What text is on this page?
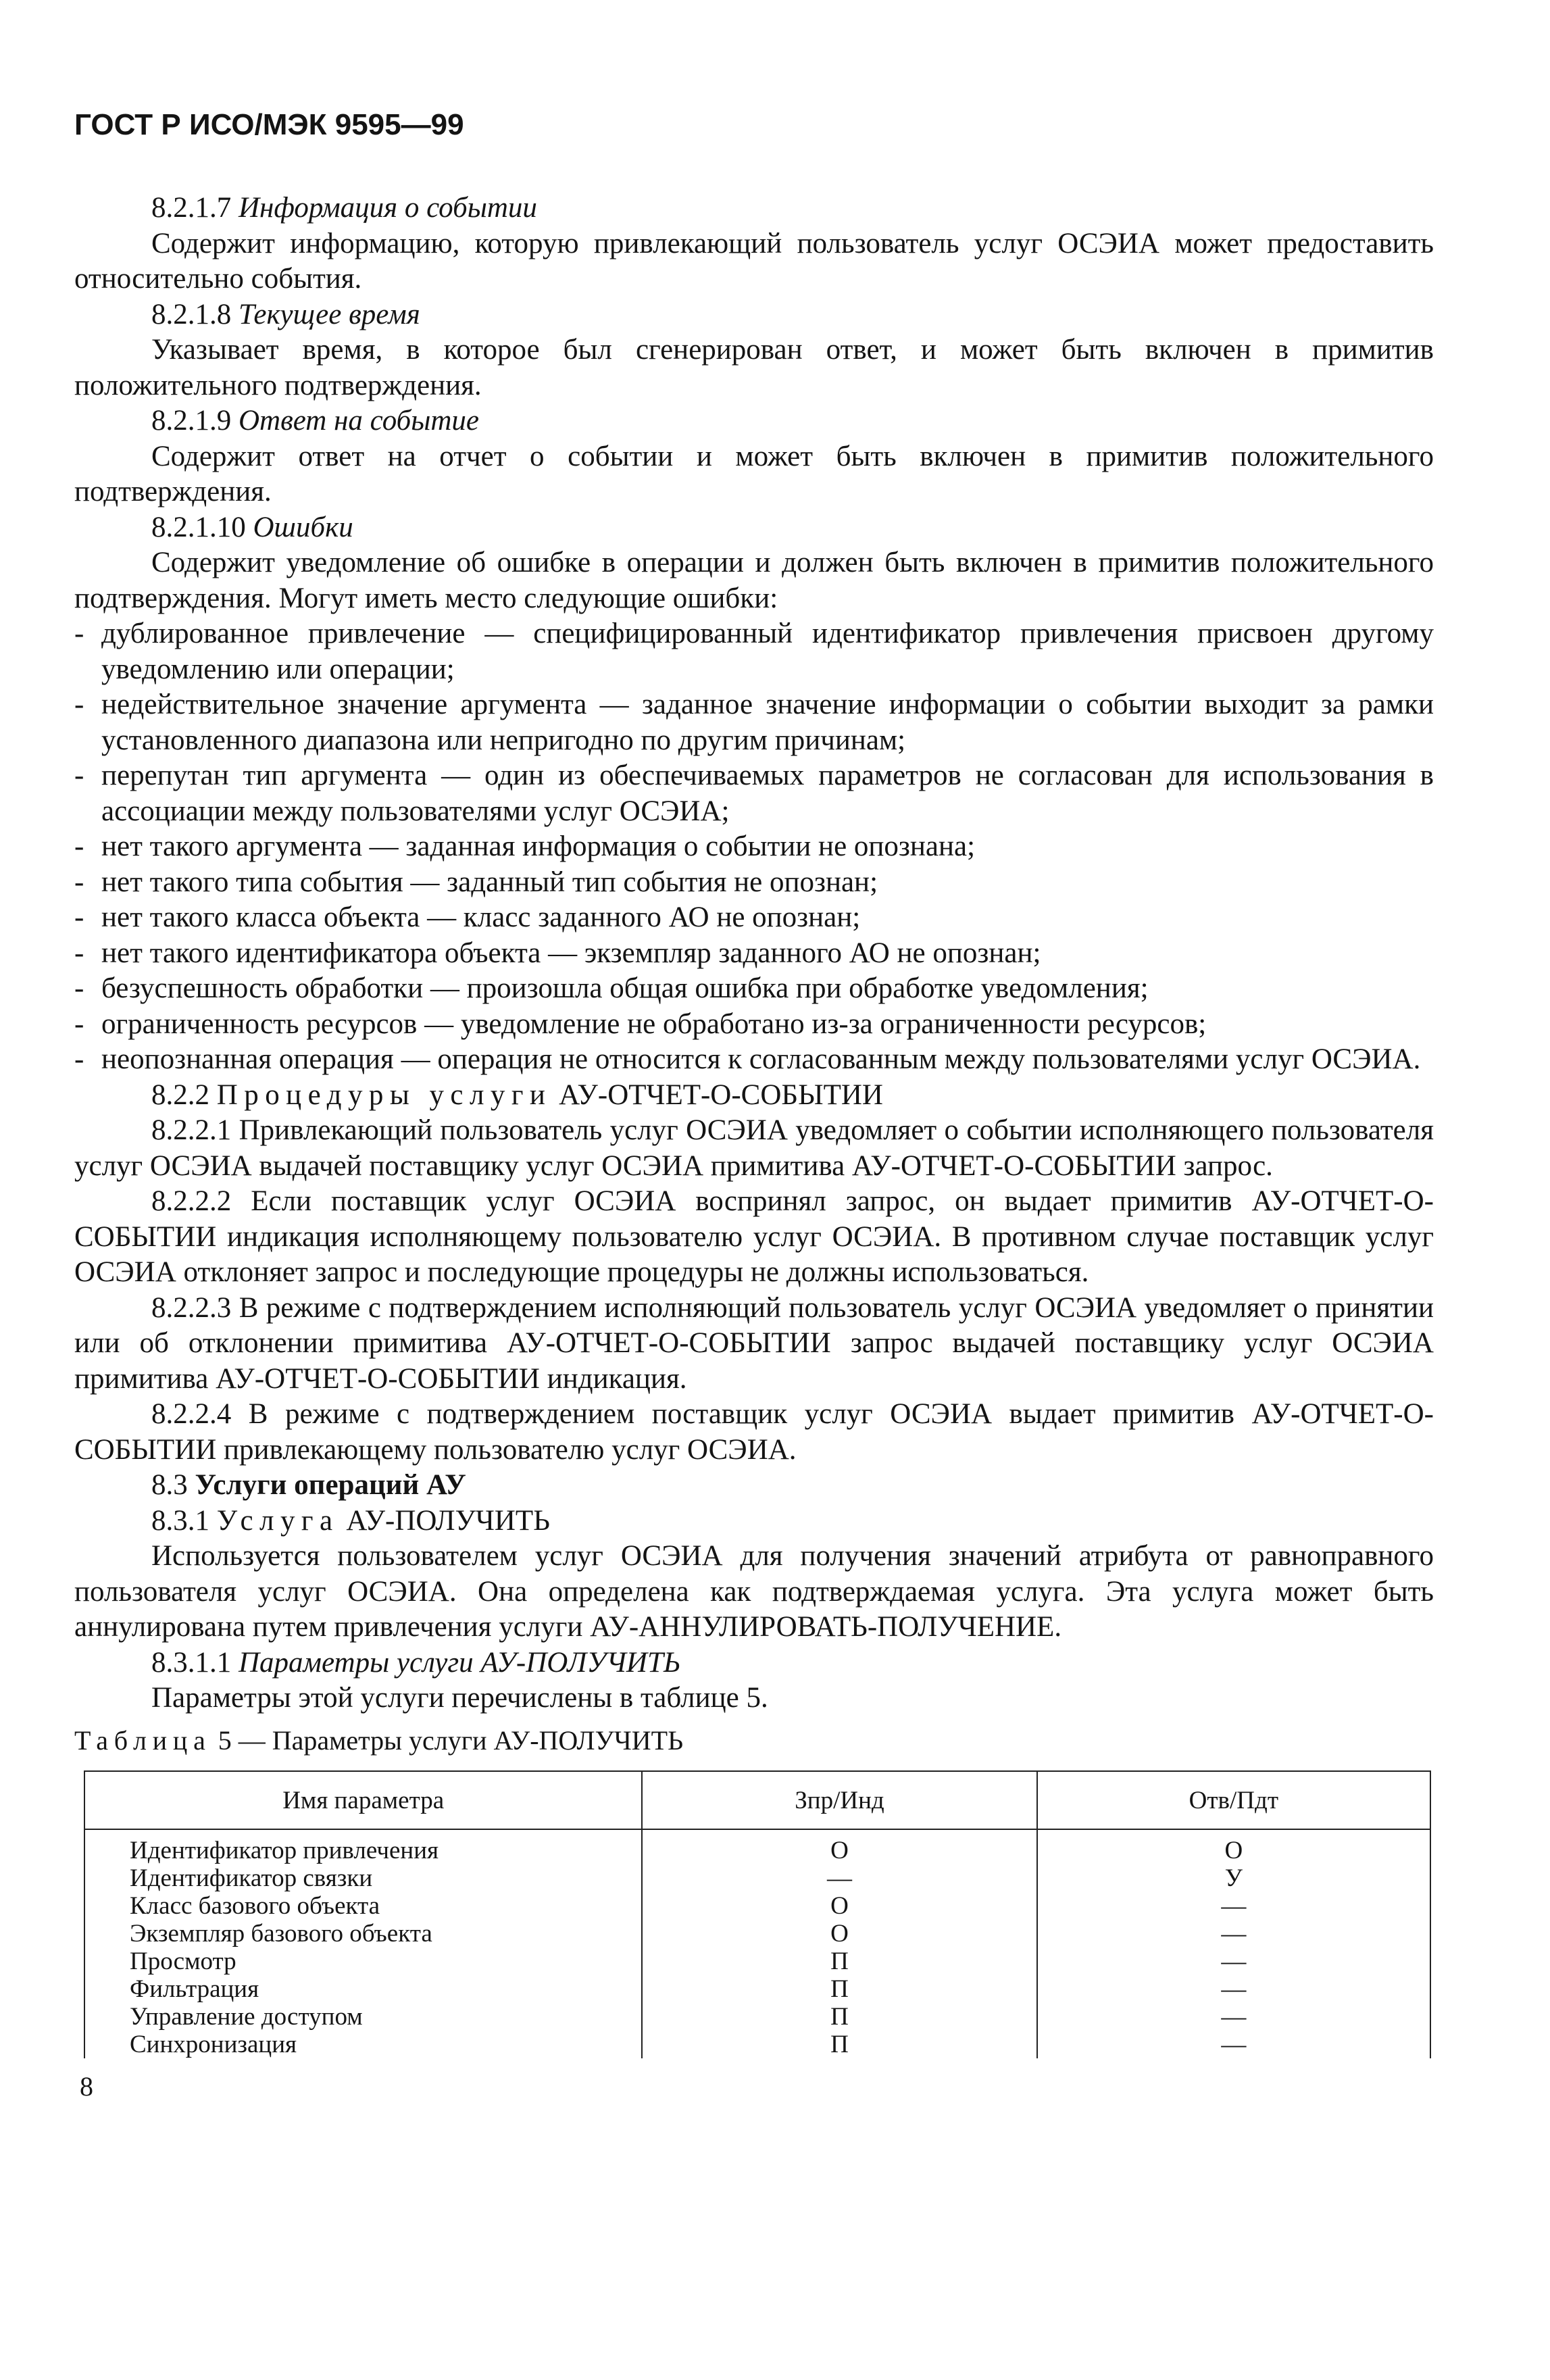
ГОСТ Р ИСО/МЭК 9595—99

8.2.1.7 Информация о событии

Содержит информацию, которую привлекающий пользователь услуг ОСЭИА может предоставить относительно события.

8.2.1.8 Текущее время

Указывает время, в которое был сгенерирован ответ, и может быть включен в примитив положительного подтверждения.

8.2.1.9 Ответ на событие

Содержит ответ на отчет о событии и может быть включен в примитив положительного подтверждения.

8.2.1.10 Ошибки

Содержит уведомление об ошибке в операции и должен быть включен в примитив положительного подтверждения. Могут иметь место следующие ошибки:

- дублированное привлечение — специфицированный идентификатор привлечения присвоен другому уведомлению или операции;
- недействительное значение аргумента — заданное значение информации о событии выходит за рамки установленного диапазона или непригодно по другим причинам;
- перепутан тип аргумента — один из обеспечиваемых параметров не согласован для использования в ассоциации между пользователями услуг ОСЭИА;
- нет такого аргумента — заданная информация о событии не опознана;
- нет такого типа события — заданный тип события не опознан;
- нет такого класса объекта — класс заданного АО не опознан;
- нет такого идентификатора объекта — экземпляр заданного АО не опознан;
- безуспешность обработки — произошла общая ошибка при обработке уведомления;
- ограниченность ресурсов — уведомление не обработано из-за ограниченности ресурсов;
- неопознанная операция — операция не относится к согласованным между пользователями услуг ОСЭИА.

8.2.2 Процедуры услуги АУ-ОТЧЕТ-О-СОБЫТИИ

8.2.2.1 Привлекающий пользователь услуг ОСЭИА уведомляет о событии исполняющего пользователя услуг ОСЭИА выдачей поставщику услуг ОСЭИА примитива АУ-ОТЧЕТ-О-СОБЫТИИ запрос.

8.2.2.2 Если поставщик услуг ОСЭИА воспринял запрос, он выдает примитив АУ-ОТЧЕТ-О-СОБЫТИИ индикация исполняющему пользователю услуг ОСЭИА. В противном случае поставщик услуг ОСЭИА отклоняет запрос и последующие процедуры не должны использоваться.

8.2.2.3 В режиме с подтверждением исполняющий пользователь услуг ОСЭИА уведомляет о принятии или об отклонении примитива АУ-ОТЧЕТ-О-СОБЫТИИ запрос выдачей поставщику услуг ОСЭИА примитива АУ-ОТЧЕТ-О-СОБЫТИИ индикация.

8.2.2.4 В режиме с подтверждением поставщик услуг ОСЭИА выдает примитив АУ-ОТЧЕТ-О-СОБЫТИИ привлекающему пользователю услуг ОСЭИА.

8.3 Услуги операций АУ

8.3.1 Услуга АУ-ПОЛУЧИТЬ

Используется пользователем услуг ОСЭИА для получения значений атрибута от равноправного пользователя услуг ОСЭИА. Она определена как подтверждаемая услуга. Эта услуга может быть аннулирована путем привлечения услуги АУ-АННУЛИРОВАТЬ-ПОЛУЧЕНИЕ.

8.3.1.1 Параметры услуги АУ-ПОЛУЧИТЬ

Параметры этой услуги перечислены в таблице 5.

Таблица 5 — Параметры услуги АУ-ПОЛУЧИТЬ
Имя параметра	Зпр/Инд	Отв/Пдт
Идентификатор привлечения	О	О
Идентификатор связки	—	У
Класс базового объекта	О	—
Экземпляр базового объекта	О	—
Просмотр	П	—
Фильтрация	П	—
Управление доступом	П	—
Синхронизация	П	—
8
